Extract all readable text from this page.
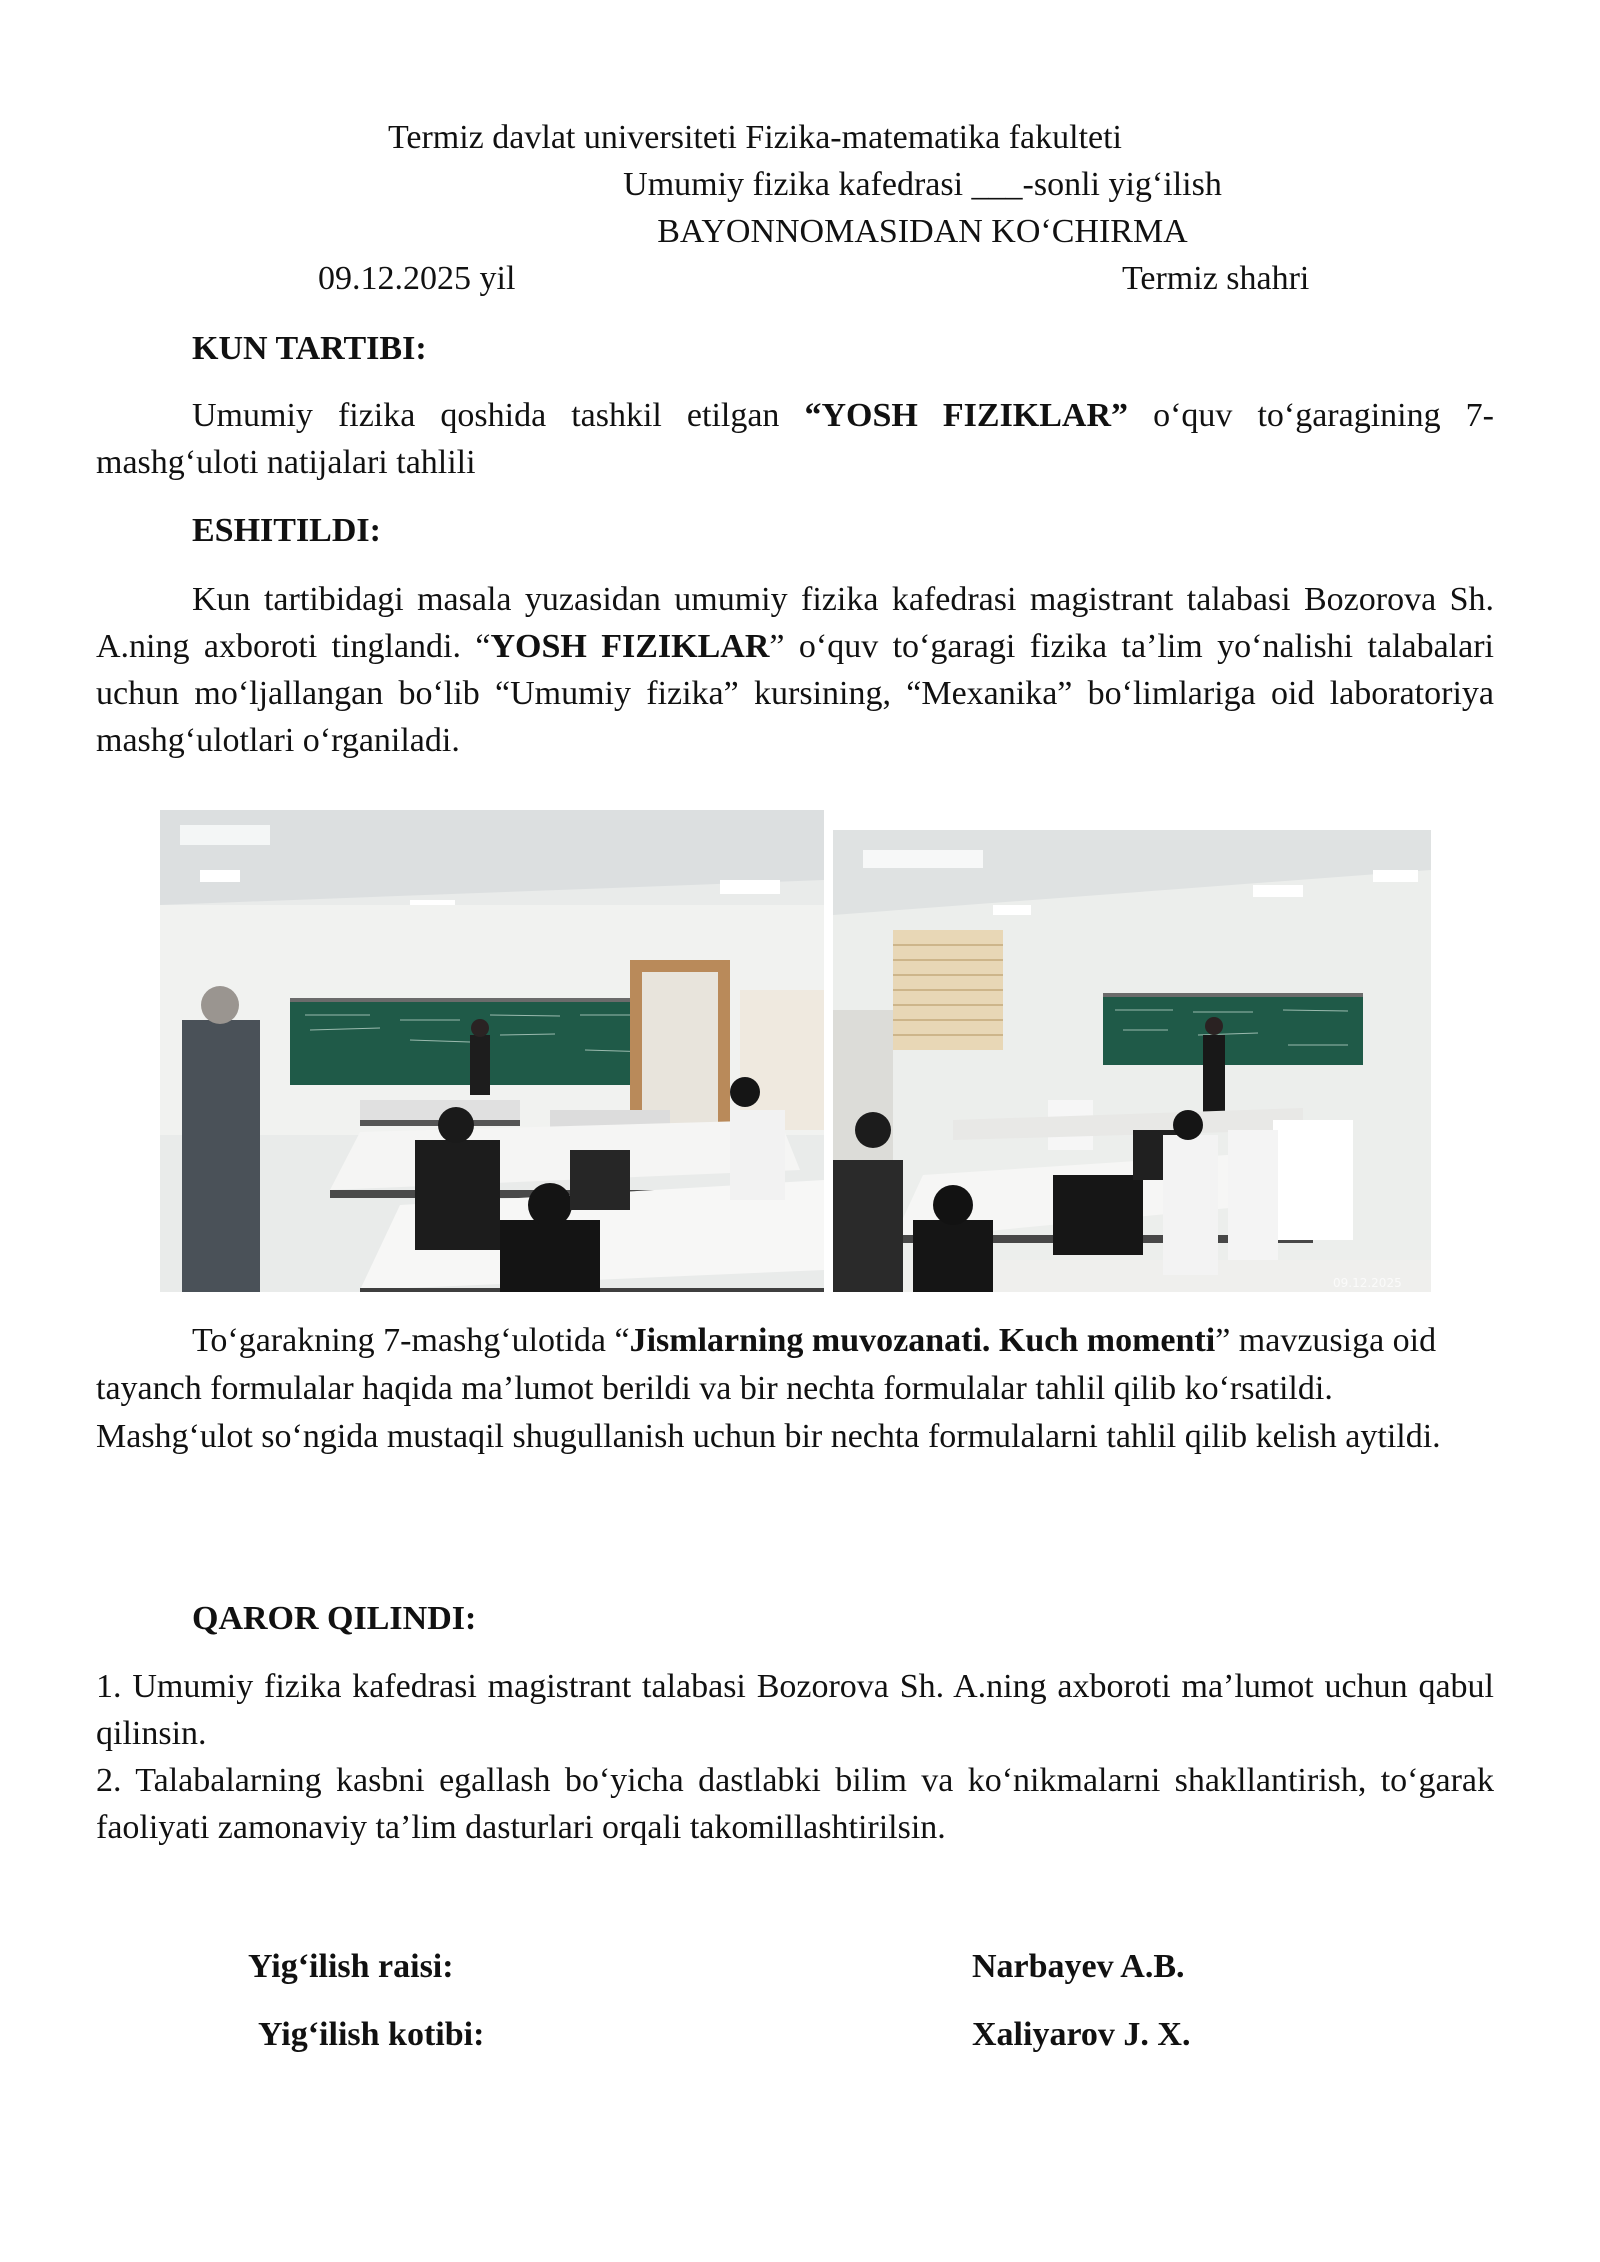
Termiz davlat universiteti Fizika-matematika fakulteti
Umumiy fizika kafedrasi ___-sonli yig‘ilish
BAYONNOMASIDAN KO‘CHIRMA
09.12.2025 yil	Termiz shahri
KUN TARTIBI:
Umumiy fizika qoshida tashkil etilgan “YOSH FIZIKLAR” o‘quv to‘garagining 7-mashg‘uloti natijalari tahlili
ESHITILDI:
Kun tartibidagi masala yuzasidan umumiy fizika kafedrasi magistrant talabasi Bozorova Sh. A.ning axboroti tinglandi. “YOSH FIZIKLAR” o‘quv to‘garagi fizika ta’lim yo‘nalishi talabalari uchun mo‘ljallangan bo‘lib “Umumiy fizika” kursining, “Mexanika” bo‘limlariga oid laboratoriya mashg‘ulotlari o‘rganiladi.
09.12.2025
To‘garakning 7-mashg‘ulotida “Jismlarning muvozanati. Kuch momenti” mavzusiga oid tayanch formulalar haqida ma’lumot berildi va bir nechta formulalar tahlil qilib ko‘rsatildi. Mashg‘ulot so‘ngida mustaqil shugullanish uchun bir nechta formulalarni tahlil qilib kelish aytildi.
QAROR QILINDI:
1. Umumiy fizika kafedrasi magistrant talabasi Bozorova Sh. A.ning axboroti ma’lumot uchun qabul qilinsin.
2. Talabalarning kasbni egallash bo‘yicha dastlabki bilim va ko‘nikmalarni shakllantirish, to‘garak faoliyati zamonaviy ta’lim dasturlari orqali takomillashtirilsin.
Yig‘ilish raisi:	Narbayev A.B.
Yig‘ilish kotibi:	Xaliyarov J. X.
